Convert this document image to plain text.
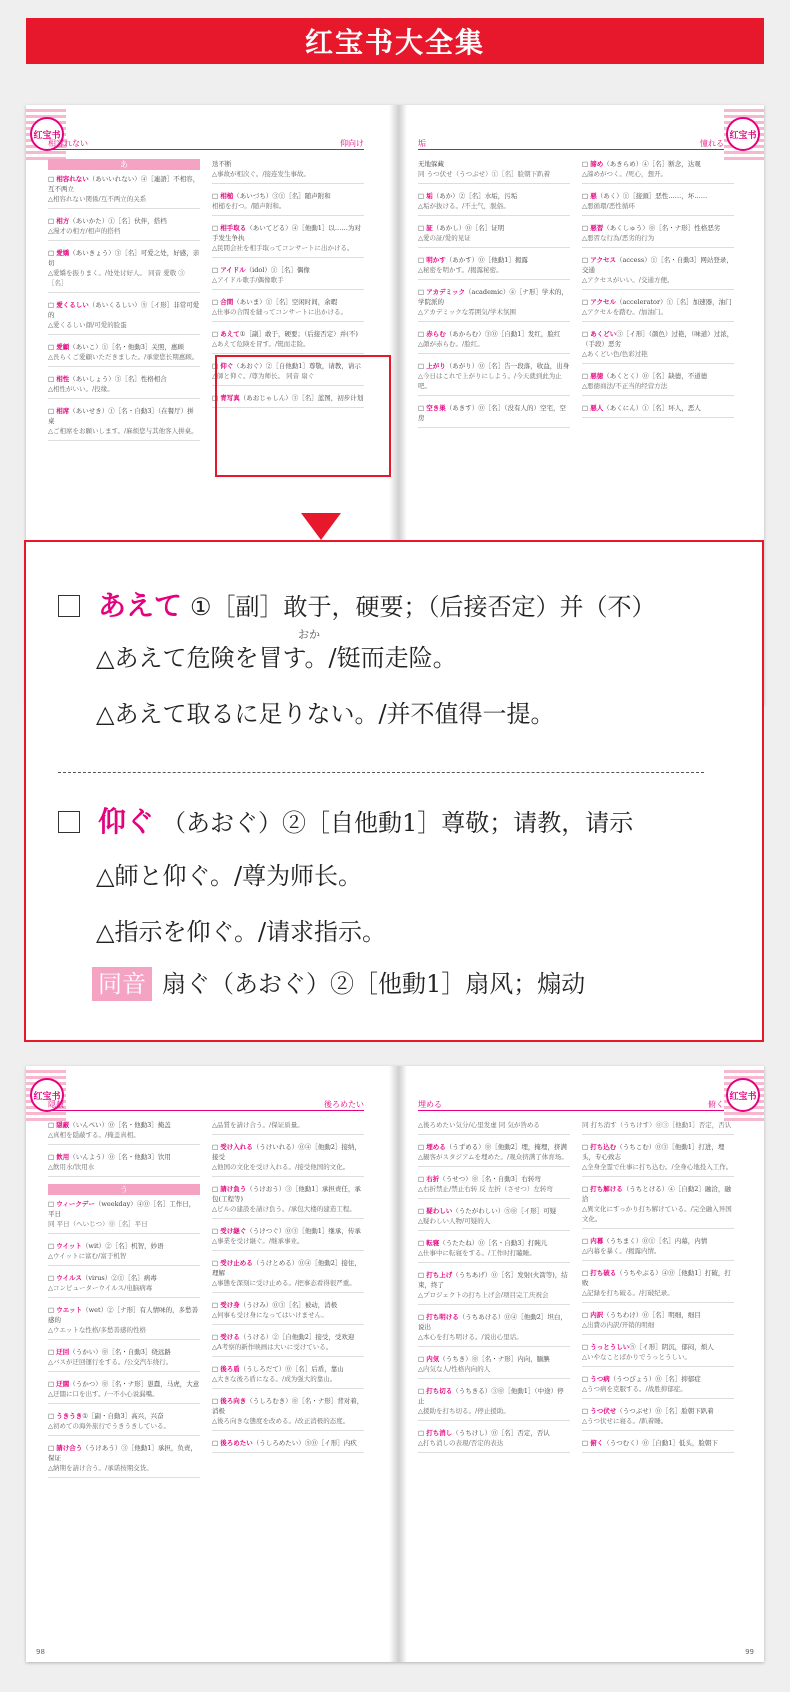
红宝书大全集
红宝书
相容れない	仰向け
あ
□ 相容れない（あいいれない）④［連語］不相容，互不两立
△相容れない関係/互不两立的关系
□ 相方（あいかた）①［名］伙伴，搭档
△漫才の相方/相声的搭档
□ 愛嬌（あいきょう）③［名］可爱之处，好感，亲切
△愛嬌を振りまく。/处处讨好人。 同音 愛敬 ③［名］
□ 愛くるしい（あいくるしい）⑤［イ形］非常可爱的
△愛くるしい顔/可爱的脸蛋
□ 愛顧（あいこ）①［名・他動3］关照，惠顾
△長らくご愛顧いただきました。/承蒙您长期惠顾。
□ 相性（あいしょう）③［名］性格相合
△相性がいい。/投缘。
□ 相席（あいせき）①［名・自動3］（在餐厅）拼桌
△ご相席をお願いします。/麻烦您与其他客人拼桌。
迭不断
△事故が相次ぐ。/接连发生事故。
□ 相槌（あいづち）③①［名］随声附和
相槌を打つ。/随声附和。
□ 相手取る（あいてどる）④［他動1］以……为对手发生争执
△民間会社を相手取ってコンサートに出かける。
□ アイドル（idol）①［名］偶像
△アイドル歌手/偶像歌手
□ 合間（あいま）①［名］空闲时间，余暇
△仕事の合間を縫ってコンサートに出かける。
□ あえて①［副］敢于，硬要；（后接否定）并(不)
△あえて危険を冒す。/铤而走险。
□ 仰ぐ（あおぐ）②［自他動1］尊敬，请教，请示
△師と仰ぐ。/尊为师长。 同音 扇ぐ
□ 青写真（あおじゃしん）③［名］蓝图，初步计划
红宝书
垢	憧れる
无地躲藏
同 うつ伏せ（うつぶせ）①［名］脸朝下趴着
□ 垢（あか）②［名］水垢，污垢
△垢が抜ける。/不土气，脱俗。
□ 証（あかし）⓪［名］证明
△愛の証/爱的见证
□ 明かす（あかす）⓪［他動1］揭露
△秘密を明かす。/揭露秘密。
□ アカデミック（academic）④［ナ形］学术的，学院派的
△アカデミックな雰囲気/学术氛围
□ 赤らむ（あからむ）③⓪［自動1］发红，脸红
△顔が赤らむ。/脸红。
□ 上がり（あがり）⓪［名］告一段落，收益，出身
△今日はこれで上がりにしよう。/今天就到此为止吧。
□ 空き巣（あきす）⓪［名］（没有人的）空宅，空房
□ 諦め（あきらめ）④［名］断念，达观
△諦めがつく。/死心，想开。
□ 悪（あく）①［接頭］恶性……，坏……
△悪循環/恶性循环
□ 悪習（あくしゅう）⓪［名・ナ形］性格恶劣
△悪習な行為/恶劣的行为
□ アクセス（access）①［名・自動3］网站登录，交通
△アクセスがいい。/交通方便。
□ アクセル（accelerator）①［名］加速器，油门
△アクセルを踏む。/加油门。
□ あくどい③［イ形］（颜色）过艳，（味道）过浓，（手段）恶劣
△あくどい色/色彩过艳
□ 悪徳（あくとく）⓪［名］缺德，不道德
△悪徳商法/不正当的经营方法
□ 悪人（あくにん）①［名］坏人，恶人
あえて ①［副］敢于，硬要；（后接否定）并（不）
おか
△あえて危険を冒す。/铤而走险。
△あえて取るに足りない。/并不值得一提。
仰ぐ （あおぐ）②［自他動1］尊敬；请教，请示
△師と仰ぐ。/尊为师长。
△指示を仰ぐ。/请求指示。
同音 扇ぐ（あおぐ）②［他動1］扇风；煽动
红宝书
隠蔽	後ろめたい
□ 隠蔽（いんぺい）⓪［名・他動3］掩盖
△真相を隠蔽する。/掩盖真相。
□ 飲用（いんよう）⓪［名・他動3］饮用
△飲用水/饮用水
う
□ ウィークデー（weekday）④⓪［名］工作日，平日
同 平日（へいじつ）⓪［名］平日
□ ウイット（wit）②［名］机智，妙语
△ウイットに富む/富于机智
□ ウイルス（virus）②①［名］病毒
△コンピューターウイルス/电脑病毒
□ ウエット（wet）②［ナ形］有人情味的，多愁善感的
△ウエットな性格/多愁善感的性格
□ 迂回（うかい）⓪［名・自動3］绕远路
△バスが迂回運行をする。/公交汽车绕行。
□ 迂闊（うかつ）⓪［名・ナ形］愚蠢，马虎，大意
△迂闊に口を出す。/一不小心说漏嘴。
□ うきうき①［副・自動3］高兴，兴奋
△初めての海外旅行でうきうきしている。
□ 請け合う（うけあう）③［他動1］承担，负责，保证
△納期を請け合う。/承诺按期交货。
△品質を請け合う。/保证质量。
□ 受け入れる（うけいれる）⓪④［他動2］接纳，接受
△他国の文化を受け入れる。/接受他国的文化。
□ 請け負う（うけおう）③［他動1］承担责任，承包(工程等)
△ビルの建設を請け負う。/承包大楼的建造工程。
□ 受け継ぐ（うけつぐ）⓪③［他動1］继承，传承
△事業を受け継ぐ。/继承事业。
□ 受け止める（うけとめる）⓪④［他動2］接住，理解
△事態を深刻に受け止める。/把事态看得很严重。
□ 受け身（うけみ）⓪③［名］被动，消极
△何事も受け身になってはいけません。
□ 受ける（うける）②［自他動2］接受，受欢迎
△A考察的新作映画は大いに受けている。
□ 後ろ盾（うしろだて）⓪［名］后盾，靠山
△大きな後ろ盾になる。/成为强大的靠山。
□ 後ろ向き（うしろむき）⓪［名・ナ形］背对着，消极
△後ろ向きな態度を改める。/改正消极的态度。
□ 後ろめたい（うしろめたい）⑤⓪［イ形］内疚
98
红宝书
埋める	俯く
△後ろめたい気分/心里发虚 同 気が咎める
□ 埋める（うずめる）⓪［他動2］埋，掩埋，挤满
△観客がスタジアムを埋めた。/观众挤满了体育场。
□ 右折（うせつ）⓪［名・自動3］右转弯
△右折禁止/禁止右转 反 左折（させつ）左转弯
□ 疑わしい（うたがわしい）⑤⓪［イ形］可疑
△疑わしい人物/可疑的人
□ 転寝（うたたね）⓪［名・自動3］打盹儿
△仕事中に転寝をする。/工作时打瞌睡。
□ 打ち上げ（うちあげ）⓪［名］发射(火箭等)，结束，终了
△プロジェクトの打ち上げ会/项目完工庆祝会
□ 打ち明ける（うちあける）⓪④［他動2］坦白，说出
△本心を打ち明ける。/说出心里话。
□ 内気（うちき）⓪［名・ナ形］内向，腼腆
△内気な人/性格内向的人
□ 打ち切る（うちきる）③⓪［他動1］（中途）停止
△援助を打ち切る。/停止援助。
□ 打ち消し（うちけし）⓪［名］否定，否认
△打ち消しの表現/否定的表达
同 打ち消す（うちけす）⓪③［他動1］否定，否认
□ 打ち込む（うちこむ）⓪③［他動1］打进，埋头，专心致志
△全身全霊で仕事に打ち込む。/全身心地投入工作。
□ 打ち解ける（うちとける）④［自動2］融洽，融洽
△異文化にすっかり打ち解けている。/完全融入异国文化。
□ 内幕（うちまく）⓪①［名］内幕，内情
△内幕を暴く。/揭露内情。
□ 打ち破る（うちやぶる）④⓪［他動1］打破，打败
△記録を打ち破る。/打破纪录。
□ 内訳（うちわけ）⓪［名］明细，细目
△出費の内訳/开销的明细
□ うっとうしい⑤［イ形］阴沉，郁闷，烦人
△いやなことばかりでうっとうしい。
□ うつ病（うつびょう）⓪［名］抑郁症
△うつ病を克服する。/战胜抑郁症。
□ うつ伏せ（うつぶせ）⓪［名］脸朝下趴着
△うつ伏せに寝る。/趴着睡。
□ 俯く（うつむく）⓪［自動1］低头，脸朝下
99
